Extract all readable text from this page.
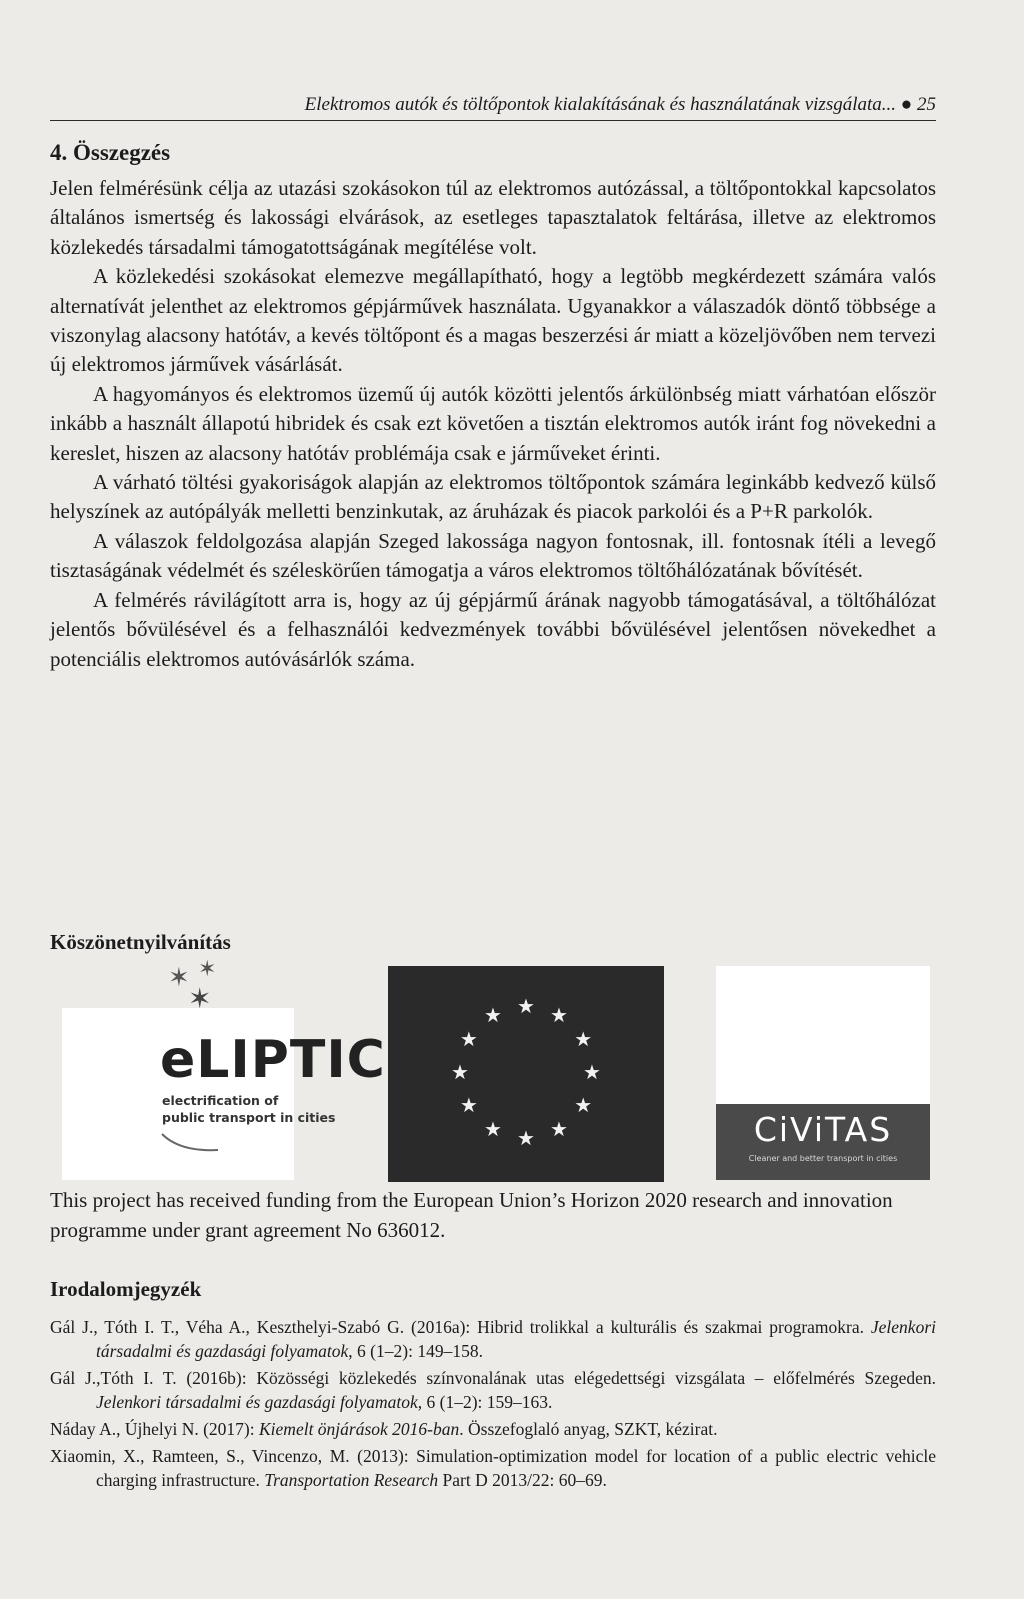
Elektromos autók és töltőpontok kialakításának és használatának vizsgálata... ● 25
4. Összegzés

Jelen felmérésünk célja az utazási szokásokon túl az elektromos autózással, a töltőpontokkal kapcsolatos általános ismertség és lakossági elvárások, az esetleges tapasztalatok feltárása, illetve az elektromos közlekedés társadalmi támogatottságának megítélése volt.

A közlekedési szokásokat elemezve megállapítható, hogy a legtöbb megkérdezett számára valós alternatívát jelenthet az elektromos gépjárművek használata. Ugyanakkor a válaszadók döntő többsége a viszonylag alacsony hatótáv, a kevés töltőpont és a magas beszerzési ár miatt a közeljövőben nem tervezi új elektromos járművek vásárlását.

A hagyományos és elektromos üzemű új autók közötti jelentős árkülönbség miatt várhatóan először inkább a használt állapotú hibridek és csak ezt követően a tisztán elektromos autók iránt fog növekedni a kereslet, hiszen az alacsony hatótáv problémája csak e járműveket érinti.

A várható töltési gyakoriságok alapján az elektromos töltőpontok számára leginkább kedvező külső helyszínek az autópályák melletti benzinkutak, az áruházak és piacok parkolói és a P+R parkolók.

A válaszok feldolgozása alapján Szeged lakossága nagyon fontosnak, ill. fontosnak ítéli a levegő tisztaságának védelmét és széleskörűen támogatja a város elektromos töltőhálózatának bővítését.

A felmérés rávilágított arra is, hogy az új gépjármű árának nagyobb támogatásával, a töltőhálózat jelentős bővülésével és a felhasználói kedvezmények további bővülésével jelentősen növekedhet a potenciális elektromos autóvásárlók száma.

Köszönetnyilvánítás
✶ ✶
✶
eLIPTIC
electrification of
public transport in cities
★ ★
★
★
★
★
★
★
★
★
★
★
CiViTAS
Cleaner and better transport in cities
This project has received funding from the European Union’s Horizon 2020 research and innovation programme under grant agreement No 636012.
Irodalomjegyzék

Gál J., Tóth I. T., Véha A., Keszthelyi-Szabó G. (2016a): Hibrid trolikkal a kulturális és szakmai programokra. Jelenkori társadalmi és gazdasági folyamatok, 6 (1–2): 149–158.

Gál J.,Tóth I. T. (2016b): Közösségi közlekedés színvonalának utas elégedettségi vizsgálata – előfelmérés Szegeden. Jelenkori társadalmi és gazdasági folyamatok, 6 (1–2): 159–163.

Náday A., Újhelyi N. (2017): Kiemelt önjárások 2016-ban. Összefoglaló anyag, SZKT, kézirat.

Xiaomin, X., Ramteen, S., Vincenzo, M. (2013): Simulation-optimization model for location of a public electric vehicle charging infrastructure. Transportation Research Part D 2013/22: 60–69.
